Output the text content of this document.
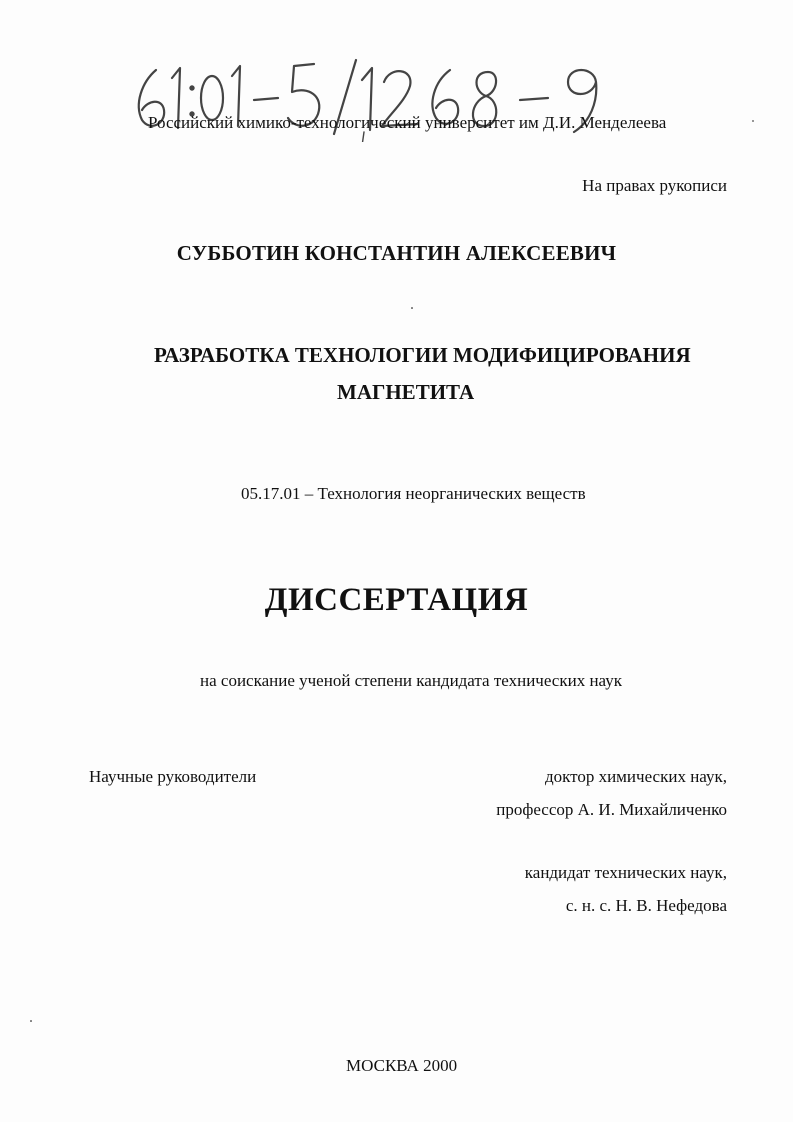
Российский химико-технологический университет им Д.И. Менделеева
На правах рукописи
СУББОТИН КОНСТАНТИН АЛЕКСЕЕВИЧ
РАЗРАБОТКА ТЕХНОЛОГИИ МОДИФИЦИРОВАНИЯ
МАГНЕТИТА
05.17.01 – Технология неорганических веществ
ДИССЕРТАЦИЯ
на соискание ученой степени кандидата технических наук
Научные руководители	доктор химических наук,
профессор А. И. Михайличенко
кандидат технических наук,
с. н. с. Н. В. Нефедова
МОСКВА 2000
